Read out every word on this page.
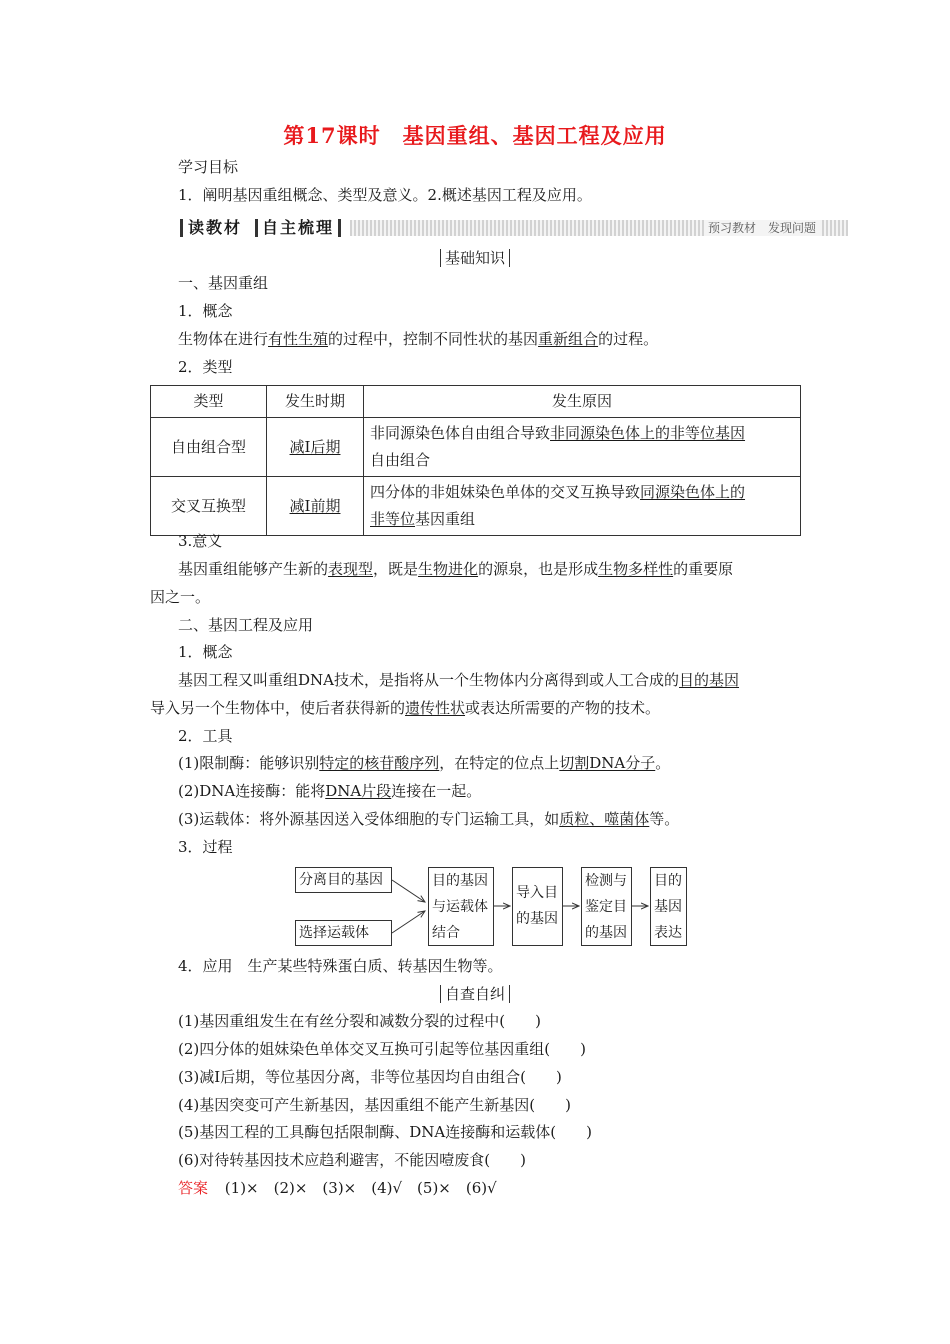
第17课时　基因重组、基因工程及应用
学习目标
1．阐明基因重组概念、类型及意义。2.概述基因工程及应用。
读教材 自主梳理	预习教材　发现问题
基础知识
一、基因重组
1．概念
生物体在进行有性生殖的过程中，控制不同性状的基因重新组合的过程。
2．类型
类型	发生时期	发生原因
自由组合型	减Ⅰ后期	非同源染色体自由组合导致非同源染色体上的非等位基因
自由组合
交叉互换型	减Ⅰ前期	四分体的非姐妹染色单体的交叉互换导致同源染色体上的
非等位基因重组
3.意义
基因重组能够产生新的表现型，既是生物进化的源泉，也是形成生物多样性的重要原
因之一。
二、基因工程及应用
1．概念
基因工程又叫重组DNA技术，是指将从一个生物体内分离得到或人工合成的目的基因
导入另一个生物体中，使后者获得新的遗传性状或表达所需要的产物的技术。
2．工具
(1)限制酶：能够识别特定的核苷酸序列，在特定的位点上切割DNA分子。
(2)DNA连接酶：能将DNA片段连接在一起。
(3)运载体：将外源基因送入受体细胞的专门运输工具，如质粒、噬菌体等。
3．过程
分离目的基因
选择运载体
目的基因
与运载体
结合
导入目
的基因
检测与
鉴定目
的基因
目的
基因
表达
4．应用　生产某些特殊蛋白质、转基因生物等。
自查自纠
(1)基因重组发生在有丝分裂和减数分裂的过程中(　　)
(2)四分体的姐妹染色单体交叉互换可引起等位基因重组(　　)
(3)减Ⅰ后期，等位基因分离，非等位基因均自由组合(　　)
(4)基因突变可产生新基因，基因重组不能产生新基因(　　)
(5)基因工程的工具酶包括限制酶、DNA连接酶和运载体(　　)
(6)对待转基因技术应趋利避害，不能因噎废食(　　)
答案 (1)×　(2)×　(3)×　(4)√　(5)×　(6)√
